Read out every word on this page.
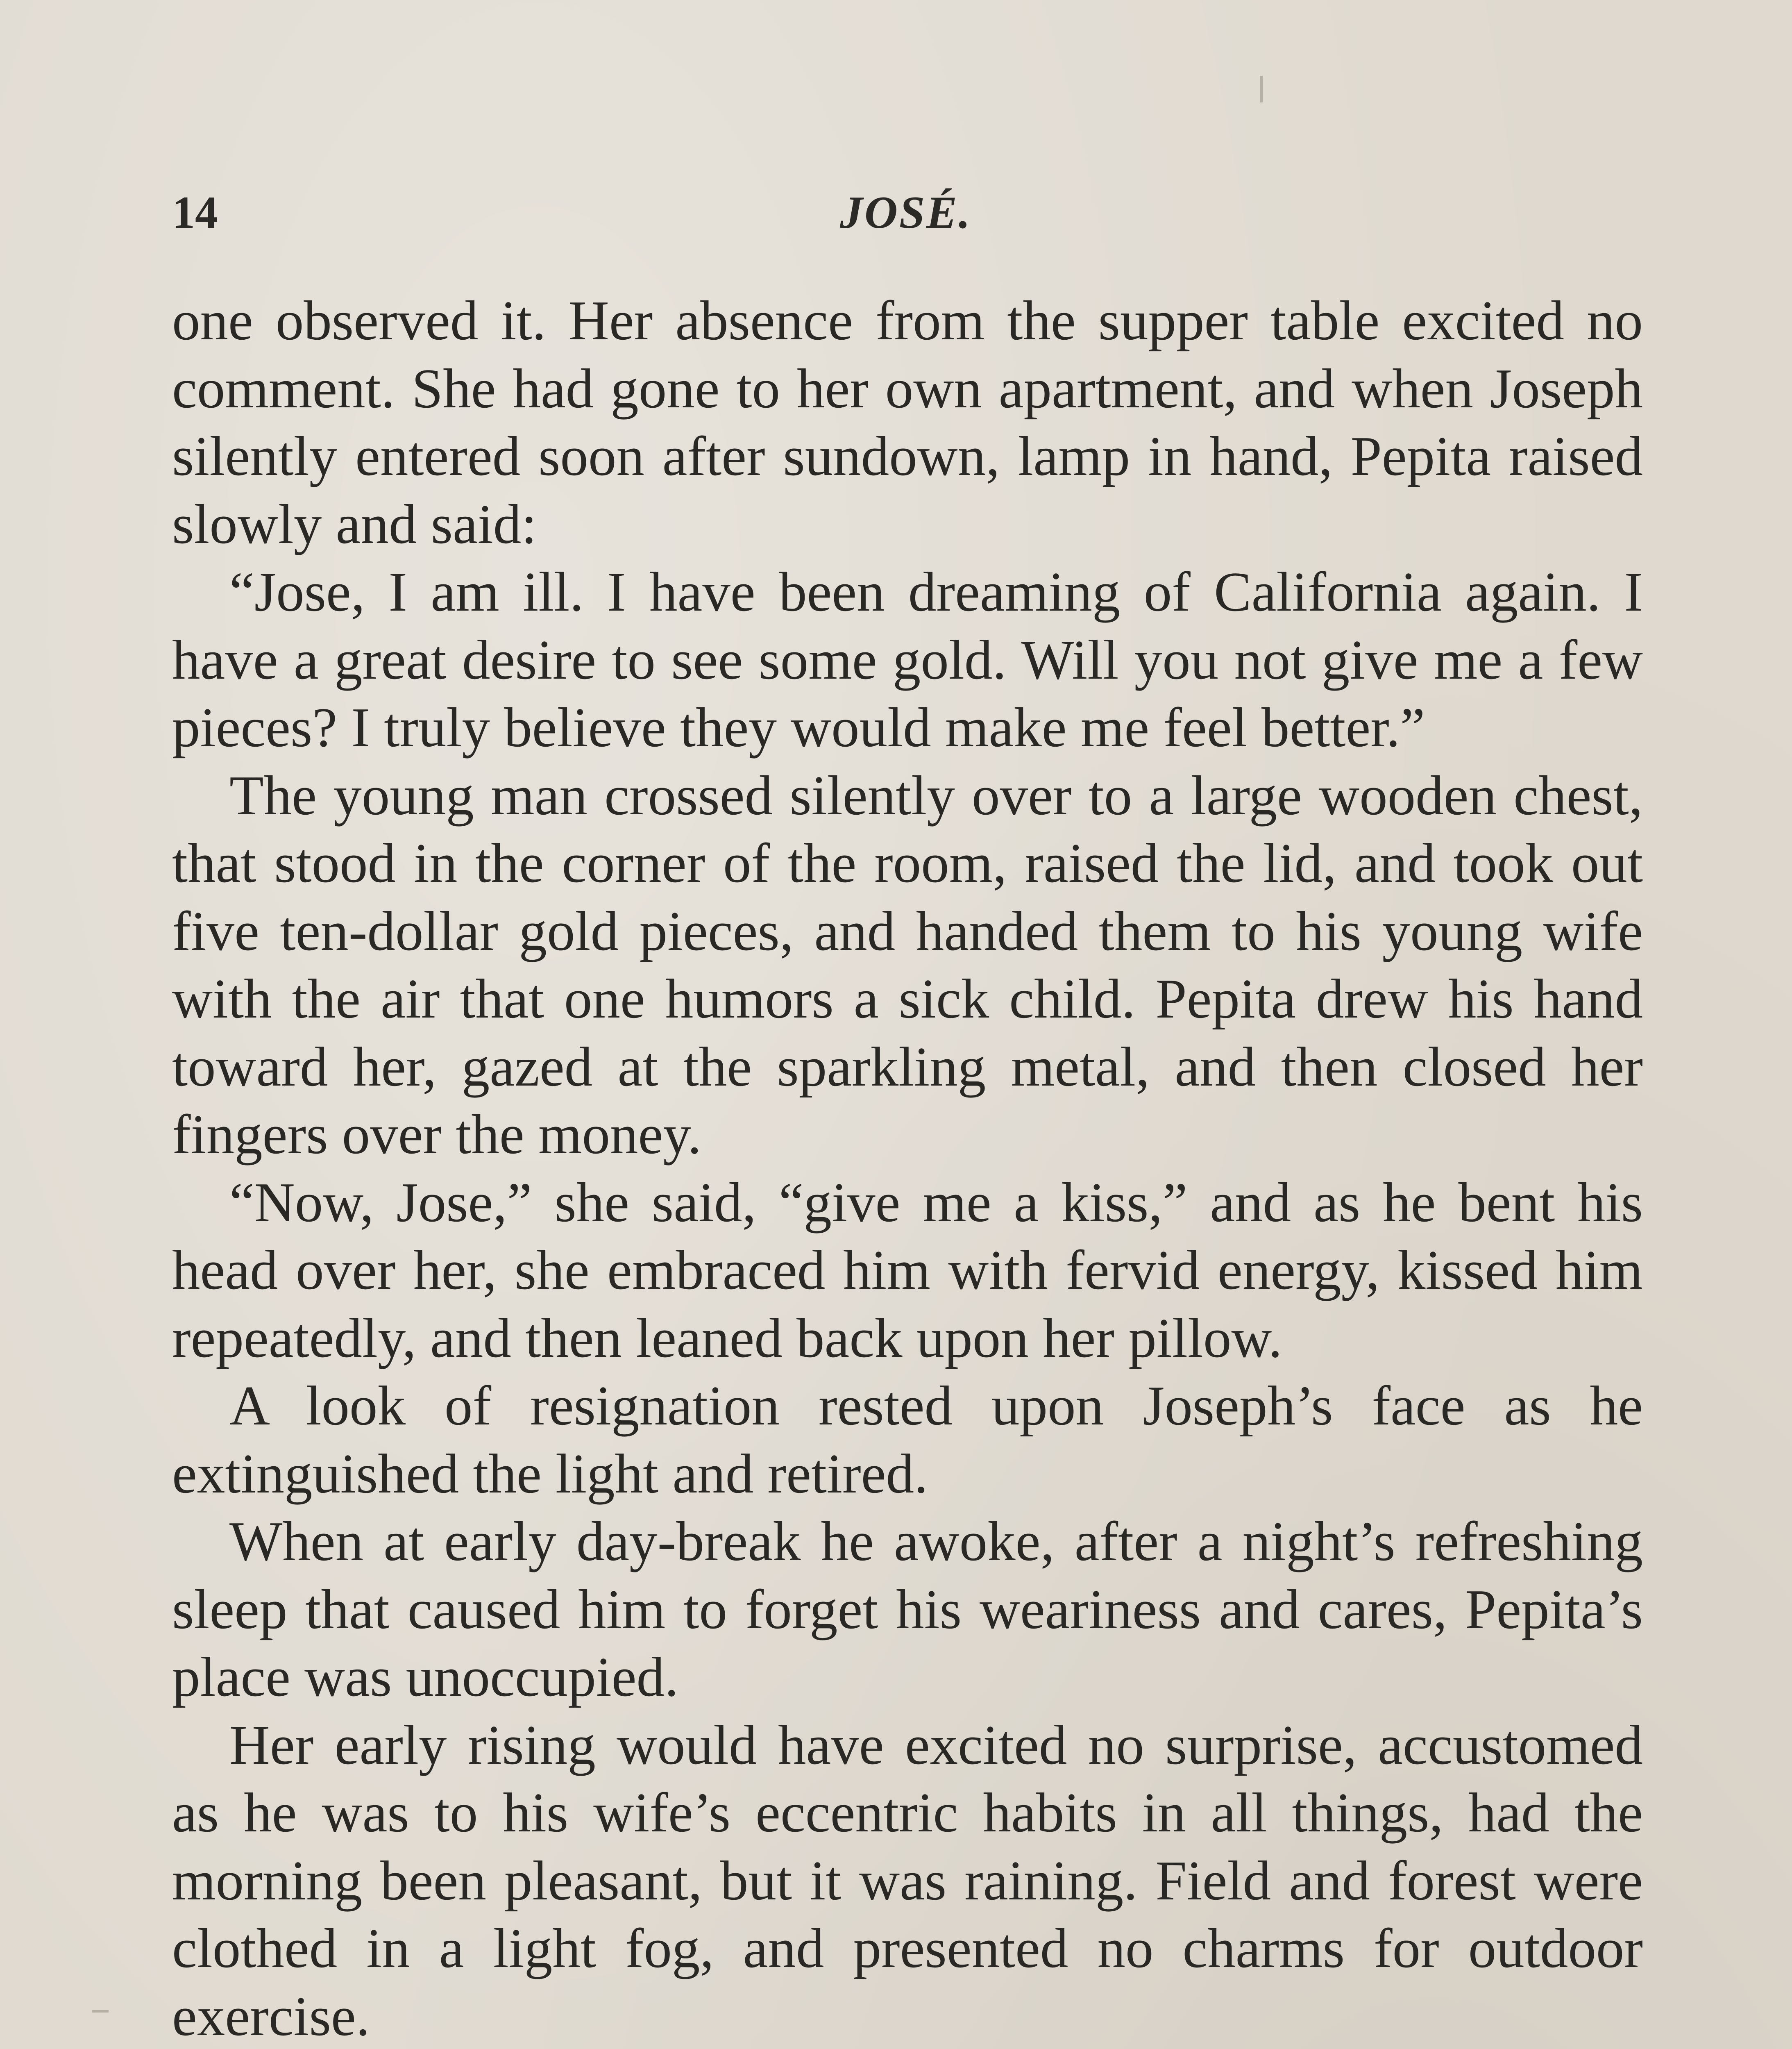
14	JOSÉ.

one observed it. Her absence from the supper table excited no comment. She had gone to her own apartment, and when Joseph silently entered soon after sundown, lamp in hand, Pepita raised slowly and said:

“Jose, I am ill. I have been dreaming of California again. I have a great desire to see some gold. Will you not give me a few pieces? I truly believe they would make me feel better.”

The young man crossed silently over to a large wooden chest, that stood in the corner of the room, raised the lid, and took out five ten-dollar gold pieces, and handed them to his young wife with the air that one humors a sick child. Pepita drew his hand toward her, gazed at the sparkling metal, and then closed her fingers over the money.

“Now, Jose,” she said, “give me a kiss,” and as he bent his head over her, she embraced him with fervid energy, kissed him repeatedly, and then leaned back upon her pillow.

A look of resignation rested upon Joseph’s face as he extinguished the light and retired.

When at early day-break he awoke, after a night’s refreshing sleep that caused him to forget his weariness and cares, Pepita’s place was unoccupied.

Her early rising would have excited no surprise, accustomed as he was to his wife’s eccentric habits in all things, had the morning been pleasant, but it was raining. Field and forest were clothed in a light fog, and presented no charms for outdoor exercise.
